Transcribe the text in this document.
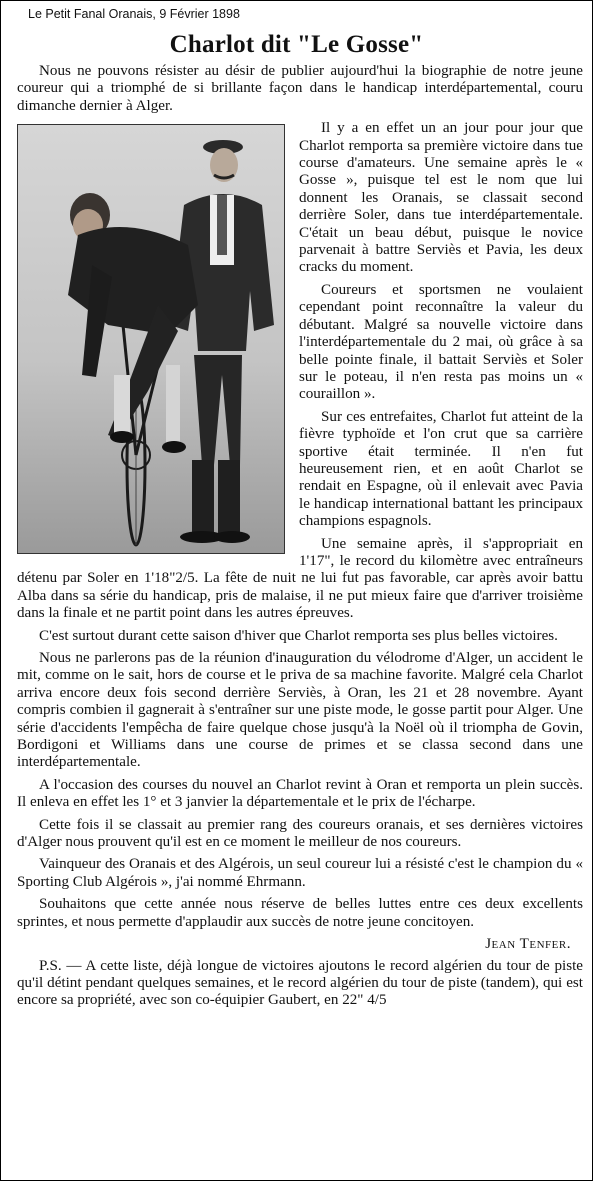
Le Petit Fanal Oranais, 9 Février 1898
Charlot dit "Le Gosse"

Nous ne pouvons résister au désir de publier aujourd'hui la biographie de notre jeune coureur qui a triomphé de si brillante façon dans le handicap interdépartemental, couru dimanche dernier à Alger.

Il y a en effet un an jour pour jour que Charlot remporta sa première victoire dans tue course d'amateurs. Une semaine après le « Gosse », puisque tel est le nom que lui donnent les Oranais, se classait second derrière Soler, dans tue interdépartementale. C'était un beau début, puisque le novice parvenait à battre Serviès et Pavia, les deux cracks du moment.

Coureurs et sportsmen ne voulaient cependant point reconnaître la valeur du débutant. Malgré sa nouvelle victoire dans l'interdépartementale du 2 mai, où grâce à sa belle pointe finale, il battait Serviès et Soler sur le poteau, il n'en resta pas moins un « couraillon ».

Sur ces entrefaites, Charlot fut atteint de la fièvre typhoïde et l'on crut que sa carrière sportive était terminée. Il n'en fut heureusement rien, et en août Charlot se rendait en Espagne, où il enlevait avec Pavia le handicap international battant les principaux champions espagnols.

Une semaine après, il s'appropriait en 1'17", le record du kilomètre avec entraîneurs détenu par Soler en 1'18"2/5. La fête de nuit ne lui fut pas favorable, car après avoir battu Alba dans sa série du handicap, pris de malaise, il ne put mieux faire que d'arriver troisième dans la finale et ne partit point dans les autres épreuves.

C'est surtout durant cette saison d'hiver que Charlot remporta ses plus belles victoires.

Nous ne parlerons pas de la réunion d'inauguration du vélodrome d'Alger, un accident le mit, comme on le sait, hors de course et le priva de sa machine favorite. Malgré cela Charlot arriva encore deux fois second derrière Serviès, à Oran, les 21 et 28 novembre. Ayant compris combien il gagnerait à s'entraîner sur une piste mode, le gosse partit pour Alger. Une série d'accidents l'empêcha de faire quelque chose jusqu'à la Noël où il triompha de Govin, Bordigoni et Williams dans une course de primes et se classa second dans une interdépartementale.

A l'occasion des courses du nouvel an Charlot revint à Oran et remporta un plein succès. Il enleva en effet les 1° et 3 janvier la départementale et le prix de l'écharpe.

Cette fois il se classait au premier rang des coureurs oranais, et ses dernières victoires d'Alger nous prouvent qu'il est en ce moment le meilleur de nos coureurs.

Vainqueur des Oranais et des Algérois, un seul coureur lui a résisté c'est le champion du « Sporting Club Algérois », j'ai nommé Ehrmann.

Souhaitons que cette année nous réserve de belles luttes entre ces deux excellents sprintes, et nous permette d'applaudir aux succès de notre jeune concitoyen.

Jean Tenfer.

P.S. — A cette liste, déjà longue de victoires ajoutons le record algérien du tour de piste qu'il détint pendant quelques semaines, et le record algérien du tour de piste (tandem), qui est encore sa propriété, avec son co-équipier Gaubert, en 22" 4/5
